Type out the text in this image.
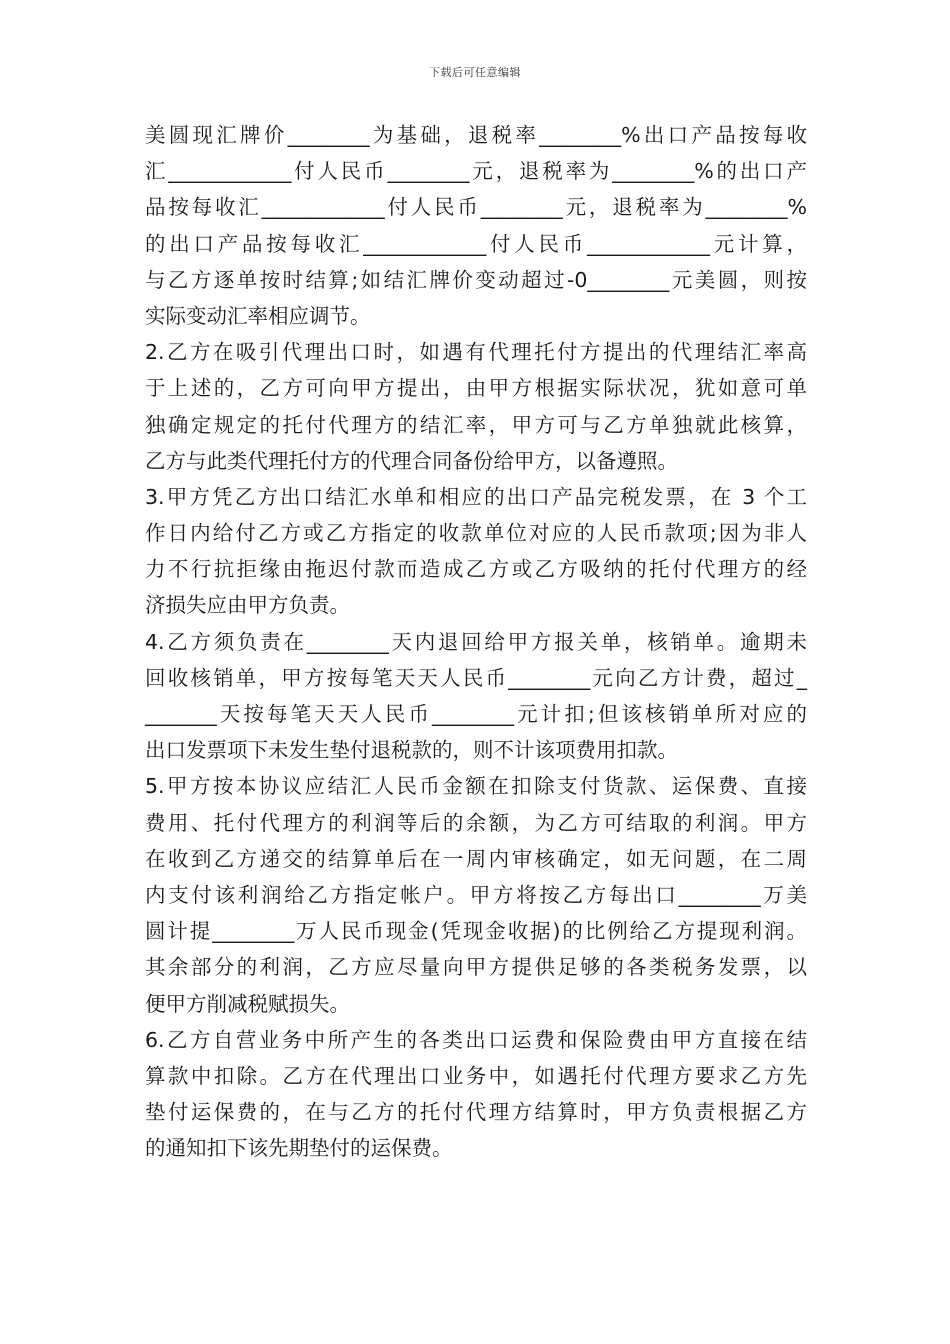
下载后可任意编辑
美圆现汇牌价________为基础，退税率________%出口产品按每收
汇____________付人民币________元，退税率为________%的出口产
品按每收汇____________付人民币________元，退税率为________%
的出口产品按每收汇____________付人民币____________元计算，
与乙方逐单按时结算;如结汇牌价变动超过-0________元美圆，则按
实际变动汇率相应调节。
2.乙方在吸引代理出口时，如遇有代理托付方提出的代理结汇率高
于上述的，乙方可向甲方提出，由甲方根据实际状况，犹如意可单
独确定规定的托付代理方的结汇率，甲方可与乙方单独就此核算，
乙方与此类代理托付方的代理合同备份给甲方，以备遵照。
3.甲方凭乙方出口结汇水单和相应的出口产品完税发票，在 3 个工
作日内给付乙方或乙方指定的收款单位对应的人民币款项;因为非人
力不行抗拒缘由拖迟付款而造成乙方或乙方吸纳的托付代理方的经
济损失应由甲方负责。
4.乙方须负责在________天内退回给甲方报关单，核销单。逾期未
回收核销单，甲方按每笔天天人民币________元向乙方计费，超过_
_______天按每笔天天人民币________元计扣;但该核销单所对应的
出口发票项下未发生垫付退税款的，则不计该项费用扣款。
5.甲方按本协议应结汇人民币金额在扣除支付货款、运保费、直接
费用、托付代理方的利润等后的余额，为乙方可结取的利润。甲方
在收到乙方递交的结算单后在一周内审核确定，如无问题，在二周
内支付该利润给乙方指定帐户。甲方将按乙方每出口________万美
圆计提________万人民币现金(凭现金收据)的比例给乙方提现利润。
其余部分的利润，乙方应尽量向甲方提供足够的各类税务发票，以
便甲方削减税赋损失。
6.乙方自营业务中所产生的各类出口运费和保险费由甲方直接在结
算款中扣除。乙方在代理出口业务中，如遇托付代理方要求乙方先
垫付运保费的，在与乙方的托付代理方结算时，甲方负责根据乙方
的通知扣下该先期垫付的运保费。
